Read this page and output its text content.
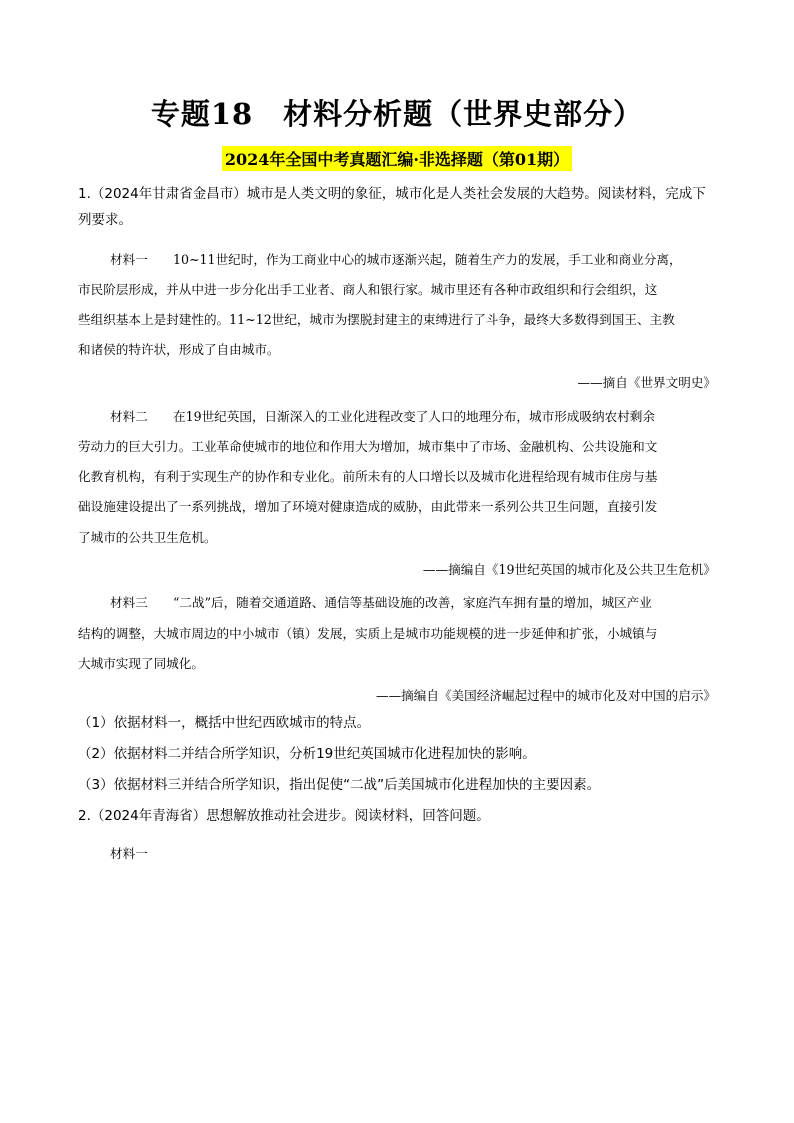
专题18　材料分析题（世界史部分）
2024年全国中考真题汇编·非选择题（第01期）
1.（2024年甘肃省金昌市）城市是人类文明的象征，城市化是人类社会发展的大趋势。阅读材料，完成下
列要求。
材料一　　10~11世纪时，作为工商业中心的城市逐渐兴起，随着生产力的发展，手工业和商业分离，
市民阶层形成，并从中进一步分化出手工业者、商人和银行家。城市里还有各种市政组织和行会组织，这
些组织基本上是封建性的。11~12世纪，城市为摆脱封建主的束缚进行了斗争，最终大多数得到国王、主教
和诸侯的特许状，形成了自由城市。
——摘自《世界文明史》
材料二　　在19世纪英国，日渐深入的工业化进程改变了人口的地理分布，城市形成吸纳农村剩余
劳动力的巨大引力。工业革命使城市的地位和作用大为增加，城市集中了市场、金融机构、公共设施和文
化教育机构，有利于实现生产的协作和专业化。前所未有的人口增长以及城市化进程给现有城市住房与基
础设施建设提出了一系列挑战，增加了环境对健康造成的威胁，由此带来一系列公共卫生问题，直接引发
了城市的公共卫生危机。
——摘编自《19世纪英国的城市化及公共卫生危机》
材料三　　“二战”后，随着交通道路、通信等基础设施的改善，家庭汽车拥有量的增加，城区产业
结构的调整，大城市周边的中小城市（镇）发展，实质上是城市功能规模的进一步延伸和扩张，小城镇与
大城市实现了同城化。
——摘编自《美国经济崛起过程中的城市化及对中国的启示》
（1）依据材料一，概括中世纪西欧城市的特点。
（2）依据材料二并结合所学知识，分析19世纪英国城市化进程加快的影响。
（3）依据材料三并结合所学知识，指出促使“二战”后美国城市化进程加快的主要因素。
2.（2024年青海省）思想解放推动社会进步。阅读材料，回答问题。
材料一
